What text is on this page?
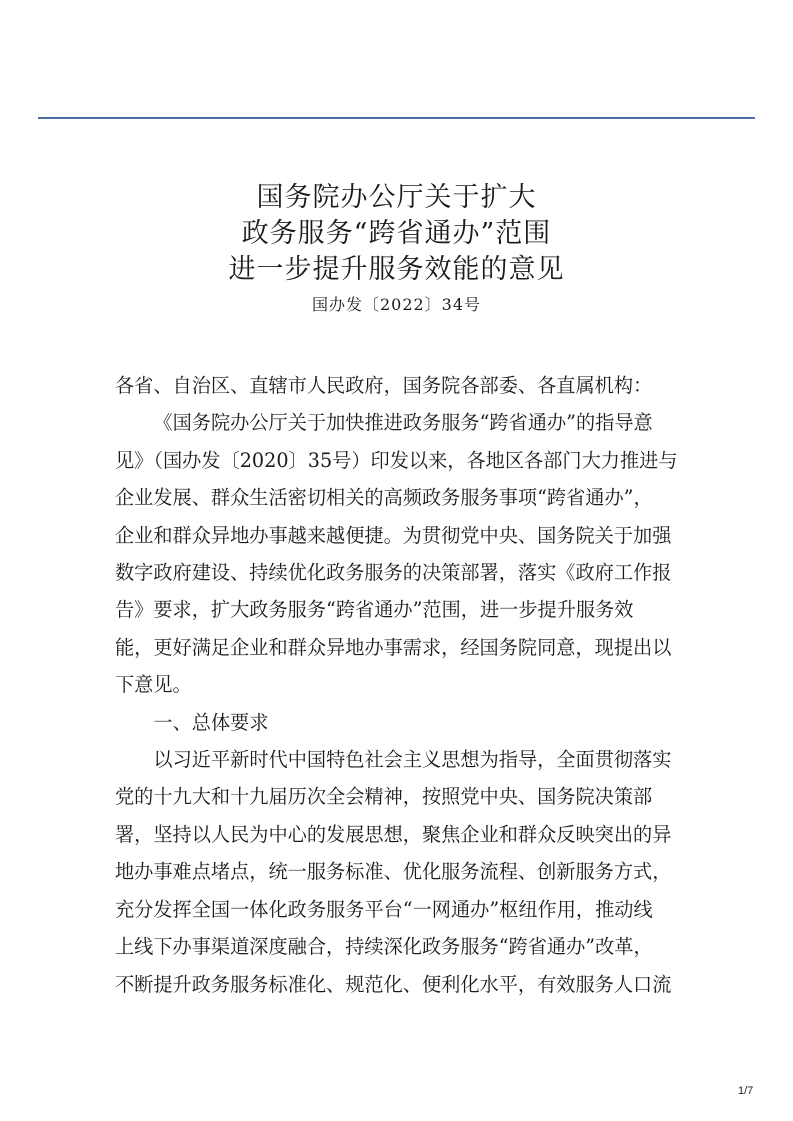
国务院办公厅关于扩大
政务服务“跨省通办”范围
进一步提升服务效能的意见
国办发〔2022〕34号

各省、自治区、直辖市人民政府，国务院各部委、各直属机构：

《国务院办公厅关于加快推进政务服务“跨省通办”的指导意
见》（国办发〔2020〕35号）印发以来，各地区各部门大力推进与
企业发展、群众生活密切相关的高频政务服务事项“跨省通办”，
企业和群众异地办事越来越便捷。为贯彻党中央、国务院关于加强
数字政府建设、持续优化政务服务的决策部署，落实《政府工作报
告》要求，扩大政务服务“跨省通办”范围，进一步提升服务效
能，更好满足企业和群众异地办事需求，经国务院同意，现提出以
下意见。

一、总体要求

以习近平新时代中国特色社会主义思想为指导，全面贯彻落实
党的十九大和十九届历次全会精神，按照党中央、国务院决策部
署，坚持以人民为中心的发展思想，聚焦企业和群众反映突出的异
地办事难点堵点，统一服务标准、优化服务流程、创新服务方式，
充分发挥全国一体化政务服务平台“一网通办”枢纽作用，推动线
上线下办事渠道深度融合，持续深化政务服务“跨省通办”改革，
不断提升政务服务标准化、规范化、便利化水平，有效服务人口流

1/7
